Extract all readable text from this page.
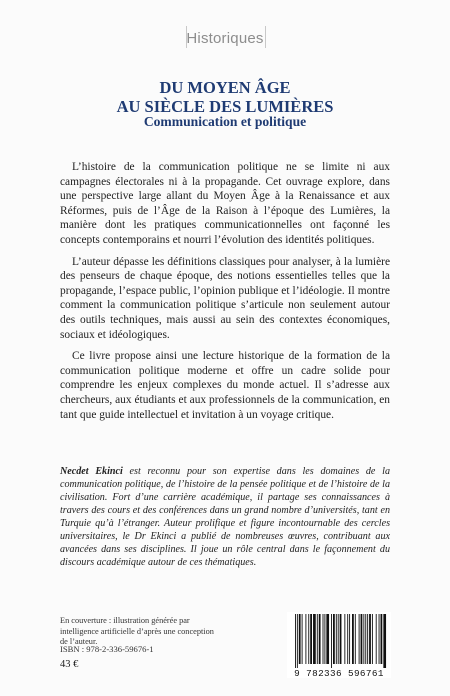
Historiques
DU MOYEN ÂGE
AU SIÈCLE DES LUMIÈRES
Communication et politique

L’histoire de la communication politique ne se limite ni aux campagnes électorales ni à la propagande. Cet ouvrage explore, dans une perspective large allant du Moyen Âge à la Renaissance et aux Réformes, puis de l’Âge de la Raison à l’époque des Lumières, la manière dont les pratiques communicationnelles ont façonné les concepts contemporains et nourri l’évolution des identités politiques.

L’auteur dépasse les définitions classiques pour analyser, à la lumière des penseurs de chaque époque, des notions essentielles telles que la propagande, l’espace public, l’opinion publique et l’idéologie. Il montre comment la communication politique s’articule non seulement autour des outils techniques, mais aussi au sein des contextes économiques, sociaux et idéologiques.

Ce livre propose ainsi une lecture historique de la formation de la communication politique moderne et offre un cadre solide pour comprendre les enjeux complexes du monde actuel. Il s’adresse aux chercheurs, aux étudiants et aux professionnels de la communication, en tant que guide intellectuel et invitation à un voyage critique.

Necdet Ekinci est reconnu pour son expertise dans les domaines de la communication politique, de l’histoire de la pensée politique et de l’histoire de la civilisation. Fort d’une carrière académique, il partage ses connaissances à travers des cours et des conférences dans un grand nombre d’universités, tant en Turquie qu’à l’étranger. Auteur prolifique et figure incontournable des cercles universitaires, le Dr Ekinci a publié de nombreuses œuvres, contribuant aux avancées dans ses disciplines. Il joue un rôle central dans le façonnement du discours académique autour de ces thématiques.
En couverture : illustration générée par intelligence artificielle d’après une conception de l’auteur.
ISBN : 978-2-336-59676-1
43 €
9 782336 596761
